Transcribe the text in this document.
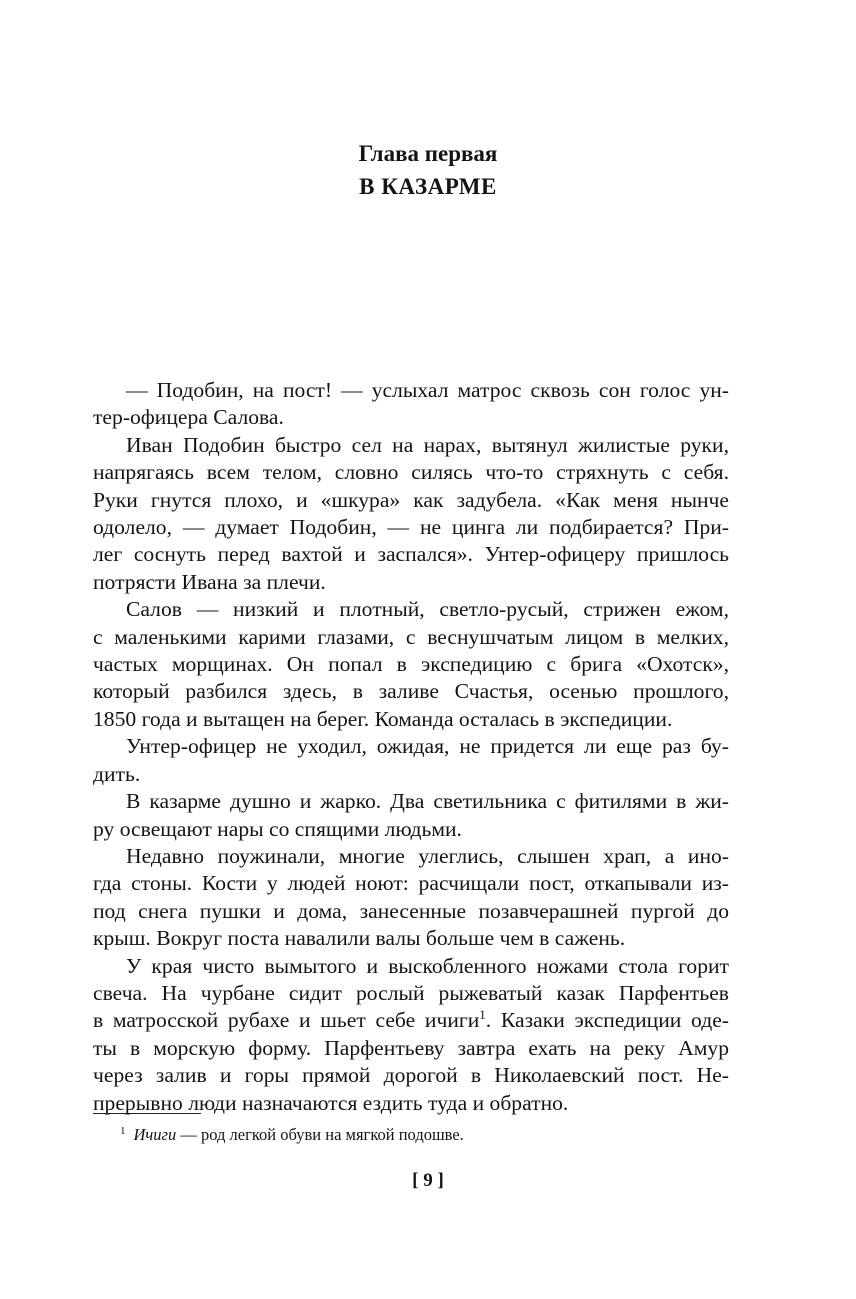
Глава первая
В КАЗАРМЕ
— Подобин, на пост! — услыхал матрос сквозь сон голос ун-
тер-офицера Салова.
Иван Подобин быстро сел на нарах, вытянул жилистые руки,
напрягаясь всем телом, словно силясь что-то стряхнуть с себя.
Руки гнутся плохо, и «шкура» как задубела. «Как меня нынче
одолело, — думает Подобин, — не цинга ли подбирается? При-
лег соснуть перед вахтой и заспался». Унтер-офицеру пришлось
потрясти Ивана за плечи.
Салов — низкий и плотный, светло-русый, стрижен ежом,
с маленькими карими глазами, с веснушчатым лицом в мелких,
частых морщинах. Он попал в экспедицию с брига «Охотск»,
который разбился здесь, в заливе Счастья, осенью прошлого,
1850 года и вытащен на берег. Команда осталась в экспедиции.
Унтер-офицер не уходил, ожидая, не придется ли еще раз бу-
дить.
В казарме душно и жарко. Два светильника с фитилями в жи-
ру освещают нары со спящими людьми.
Недавно поужинали, многие улеглись, слышен храп, а ино-
гда стоны. Кости у людей ноют: расчищали пост, откапывали из-
под снега пушки и дома, занесенные позавчерашней пургой до
крыш. Вокруг поста навалили валы больше чем в сажень.
У края чисто вымытого и выскобленного ножами стола горит
свеча. На чурбане сидит рослый рыжеватый казак Парфентьев
в матросской рубахе и шьет себе ичиги$^1$. Казаки экспедиции оде-
ты в морскую форму. Парфентьеву завтра ехать на реку Амур
через залив и горы прямой дорогой в Николаевский пост. Не-
прерывно люди назначаются ездить туда и обратно.
$^1$ Ичиги — род легкой обуви на мягкой подошве.
[ 9 ]
